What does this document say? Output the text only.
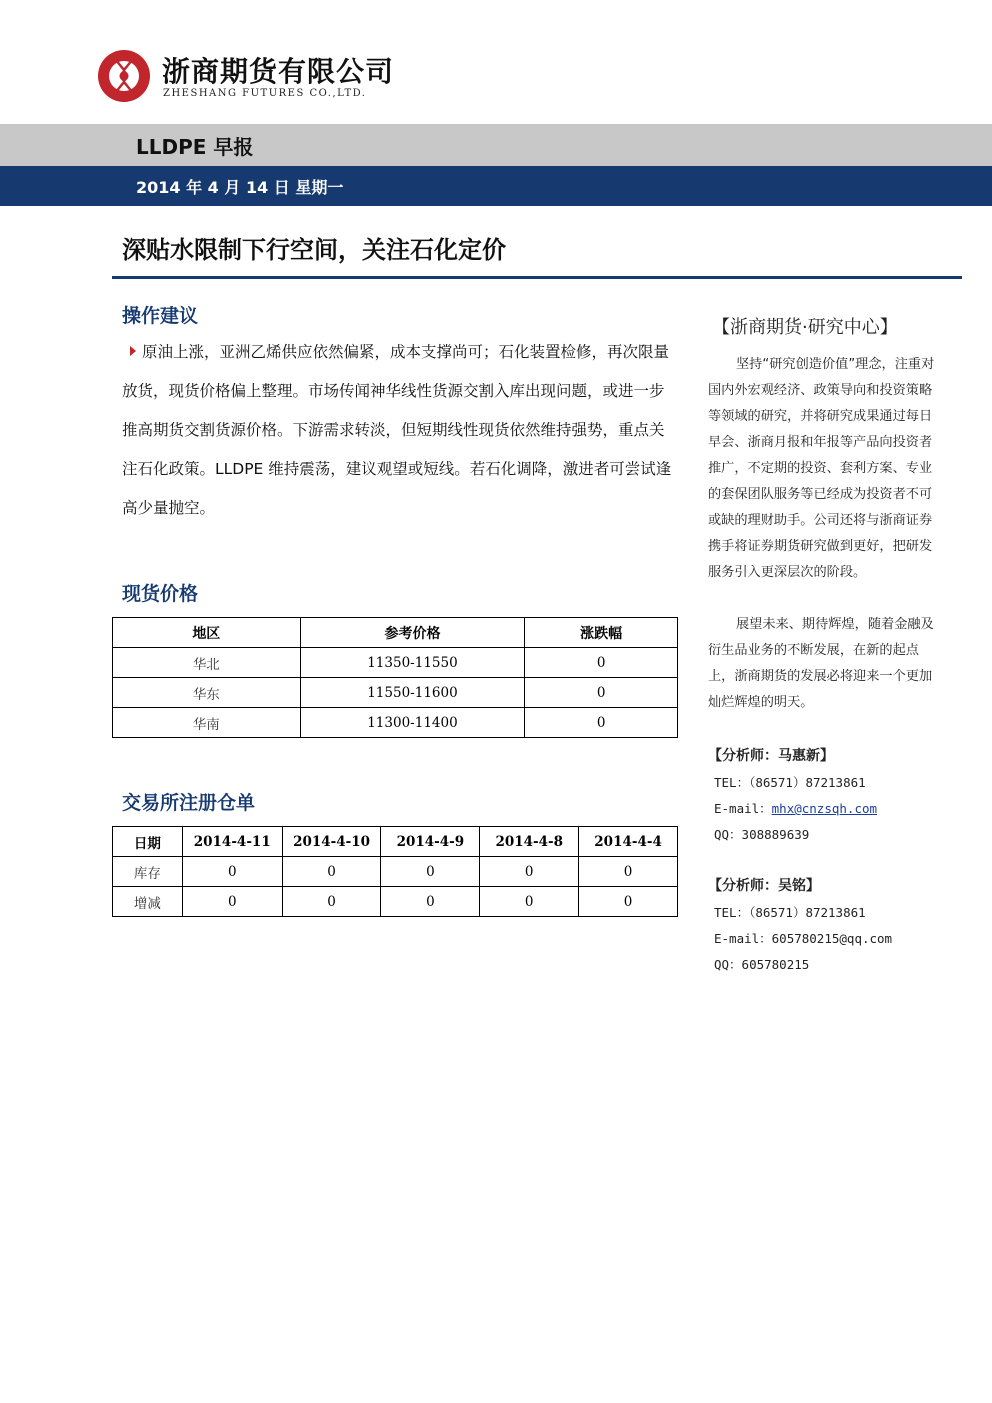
浙商期货有限公司
ZHESHANG FUTURES CO.,LTD.
LLDPE 早报
2014 年 4 月 14 日 星期一
深贴水限制下行空间，关注石化定价
操作建议
原油上涨，亚洲乙烯供应依然偏紧，成本支撑尚可；石化装置检修，再次限量放货，现货价格偏上整理。市场传闻神华线性货源交割入库出现问题，或进一步推高期货交割货源价格。下游需求转淡，但短期线性现货依然维持强势，重点关注石化政策。LLDPE 维持震荡，建议观望或短线。若石化调降，激进者可尝试逢高少量抛空。
现货价格
地区	参考价格	涨跌幅
华北	11350-11550	0
华东	11550-11600	0
华南	11300-11400	0
交易所注册仓单
日期	2014-4-11	2014-4-10	2014-4-9	2014-4-8	2014-4-4
库存	0	0	0	0	0
增减	0	0	0	0	0
【浙商期货·研究中心】
坚持“研究创造价值”理念，注重对国内外宏观经济、政策导向和投资策略等领域的研究，并将研究成果通过每日早会、浙商月报和年报等产品向投资者推广，不定期的投资、套利方案、专业的套保团队服务等已经成为投资者不可或缺的理财助手。公司还将与浙商证券携手将证券期货研究做到更好，把研发服务引入更深层次的阶段。
展望未来、期待辉煌，随着金融及衍生品业务的不断发展，在新的起点上，浙商期货的发展必将迎来一个更加灿烂辉煌的明天。
【分析师：马惠新】
TEL：（86571）87213861
E-mail：mhx@cnzsqh.com
QQ：308889639
【分析师：吴铭】
TEL：（86571）87213861
E-mail：605780215@qq.com
QQ：605780215
